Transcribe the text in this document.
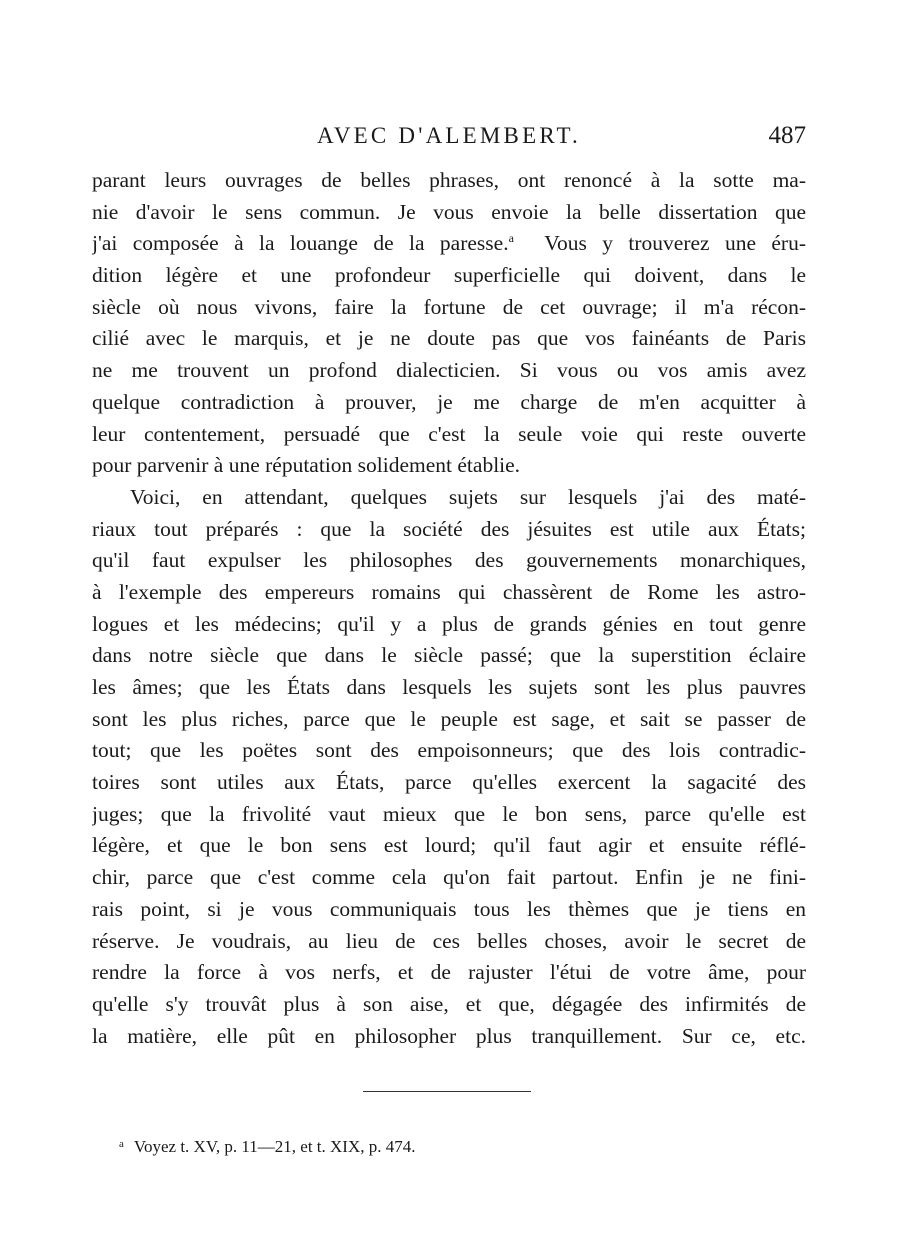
AVEC D'ALEMBERT.	487
parant leurs ouvrages de belles phrases, ont renoncé à la sotte ma-
nie d'avoir le sens commun. Je vous envoie la belle dissertation que
j'ai composée à la louange de la paresse.$^a$ Vous y trouverez une éru-
dition légère et une profondeur superficielle qui doivent, dans le
siècle où nous vivons, faire la fortune de cet ouvrage; il m'a récon-
cilié avec le marquis, et je ne doute pas que vos fainéants de Paris
ne me trouvent un profond dialecticien. Si vous ou vos amis avez
quelque contradiction à prouver, je me charge de m'en acquitter à
leur contentement, persuadé que c'est la seule voie qui reste ouverte
pour parvenir à une réputation solidement établie.
Voici, en attendant, quelques sujets sur lesquels j'ai des maté-
riaux tout préparés : que la société des jésuites est utile aux États;
qu'il faut expulser les philosophes des gouvernements monarchiques,
à l'exemple des empereurs romains qui chassèrent de Rome les astro-
logues et les médecins; qu'il y a plus de grands génies en tout genre
dans notre siècle que dans le siècle passé; que la superstition éclaire
les âmes; que les États dans lesquels les sujets sont les plus pauvres
sont les plus riches, parce que le peuple est sage, et sait se passer de
tout; que les poëtes sont des empoisonneurs; que des lois contradic-
toires sont utiles aux États, parce qu'elles exercent la sagacité des
juges; que la frivolité vaut mieux que le bon sens, parce qu'elle est
légère, et que le bon sens est lourd; qu'il faut agir et ensuite réflé-
chir, parce que c'est comme cela qu'on fait partout. Enfin je ne fini-
rais point, si je vous communiquais tous les thèmes que je tiens en
réserve. Je voudrais, au lieu de ces belles choses, avoir le secret de
rendre la force à vos nerfs, et de rajuster l'étui de votre âme, pour
qu'elle s'y trouvât plus à son aise, et que, dégagée des infirmités de
la matière, elle pût en philosopher plus tranquillement. Sur ce, etc.
$^a$ Voyez t. XV, p. 11—21, et t. XIX, p. 474.
